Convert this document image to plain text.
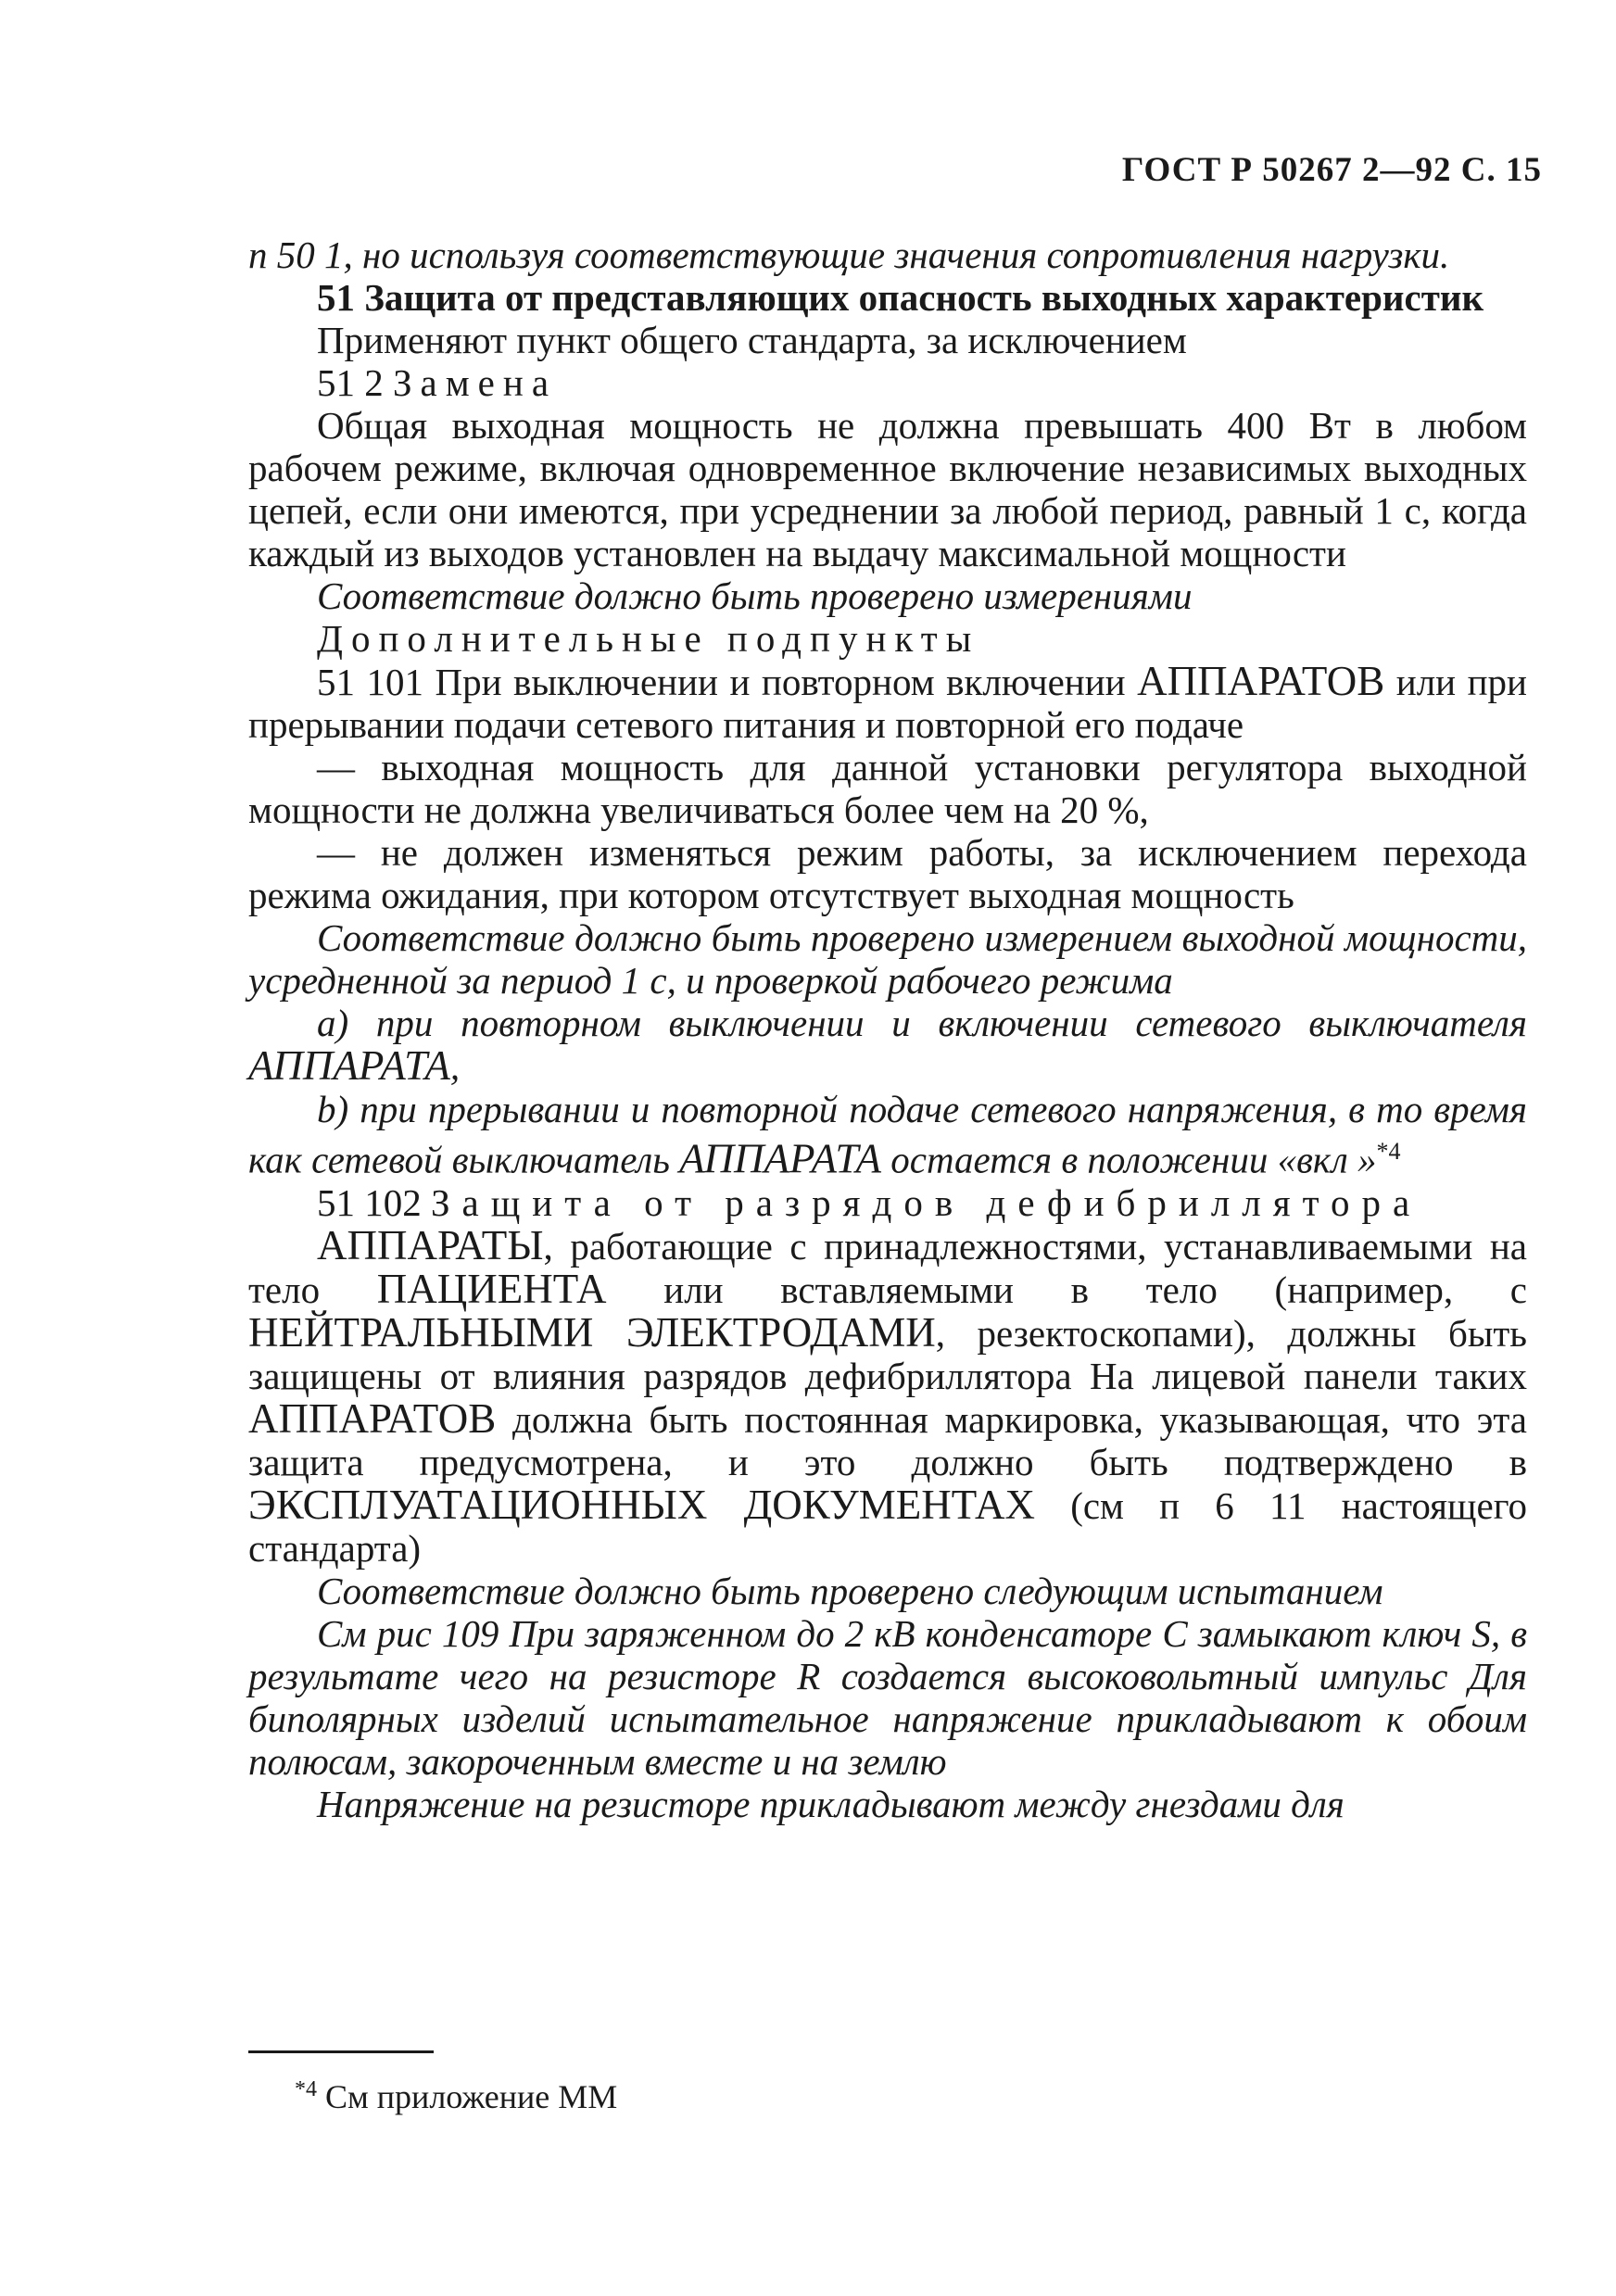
ГОСТ Р 50267 2—92 С. 15

п 50 1, но используя соответствующие значения сопротивления нагрузки.

51 Защита от представляющих опасность выходных характеристик

Применяют пункт общего стандарта, за исключением

51 2 Замена

Общая выходная мощность не должна превышать 400 Вт в любом рабочем режиме, включая одновременное включение независимых выходных цепей, если они имеются, при усреднении за любой период, равный 1 с, когда каждый из выходов установлен на выдачу максимальной мощности

Соответствие должно быть проверено измерениями

Дополнительные подпункты

51 101 При выключении и повторном включении АППАРАТОВ или при прерывании подачи сетевого питания и повторной его подаче

— выходная мощность для данной установки регулятора выходной мощности не должна увеличиваться более чем на 20 %,

— не должен изменяться режим работы, за исключением перехода режима ожидания, при котором отсутствует выходная мощность

Соответствие должно быть проверено измерением выходной мощности, усредненной за период 1 с, и проверкой рабочего режима

а) при повторном выключении и включении сетевого выключателя АППАРАТА,

b) при прерывании и повторной подаче сетевого напряжения, в то время как сетевой выключатель АППАРАТА остается в положении «вкл »$^{*4}$

51 102 Защита от разрядов дефибриллятора

АППАРАТЫ, работающие с принадлежностями, устанавливаемыми на тело ПАЦИЕНТА или вставляемыми в тело (например, с НЕЙТРАЛЬНЫМИ ЭЛЕКТРОДАМИ, резектоскопами), должны быть защищены от влияния разрядов дефибриллятора На лицевой панели таких АППАРАТОВ должна быть постоянная маркировка, указывающая, что эта защита предусмотрена, и это должно быть подтверждено в ЭКСПЛУАТАЦИОННЫХ ДОКУМЕНТАХ (см п 6 11 настоящего стандарта)

Соответствие должно быть проверено следующим испытанием

См рис 109 При заряженном до 2 кВ конденсаторе С замыкают ключ S, в результате чего на резисторе R создается высоковольтный импульс Для биполярных изделий испытательное напряжение прикладывают к обоим полюсам, закороченным вместе и на землю

Напряжение на резисторе прикладывают между гнездами для

$^{*4}$ См приложение ММ
